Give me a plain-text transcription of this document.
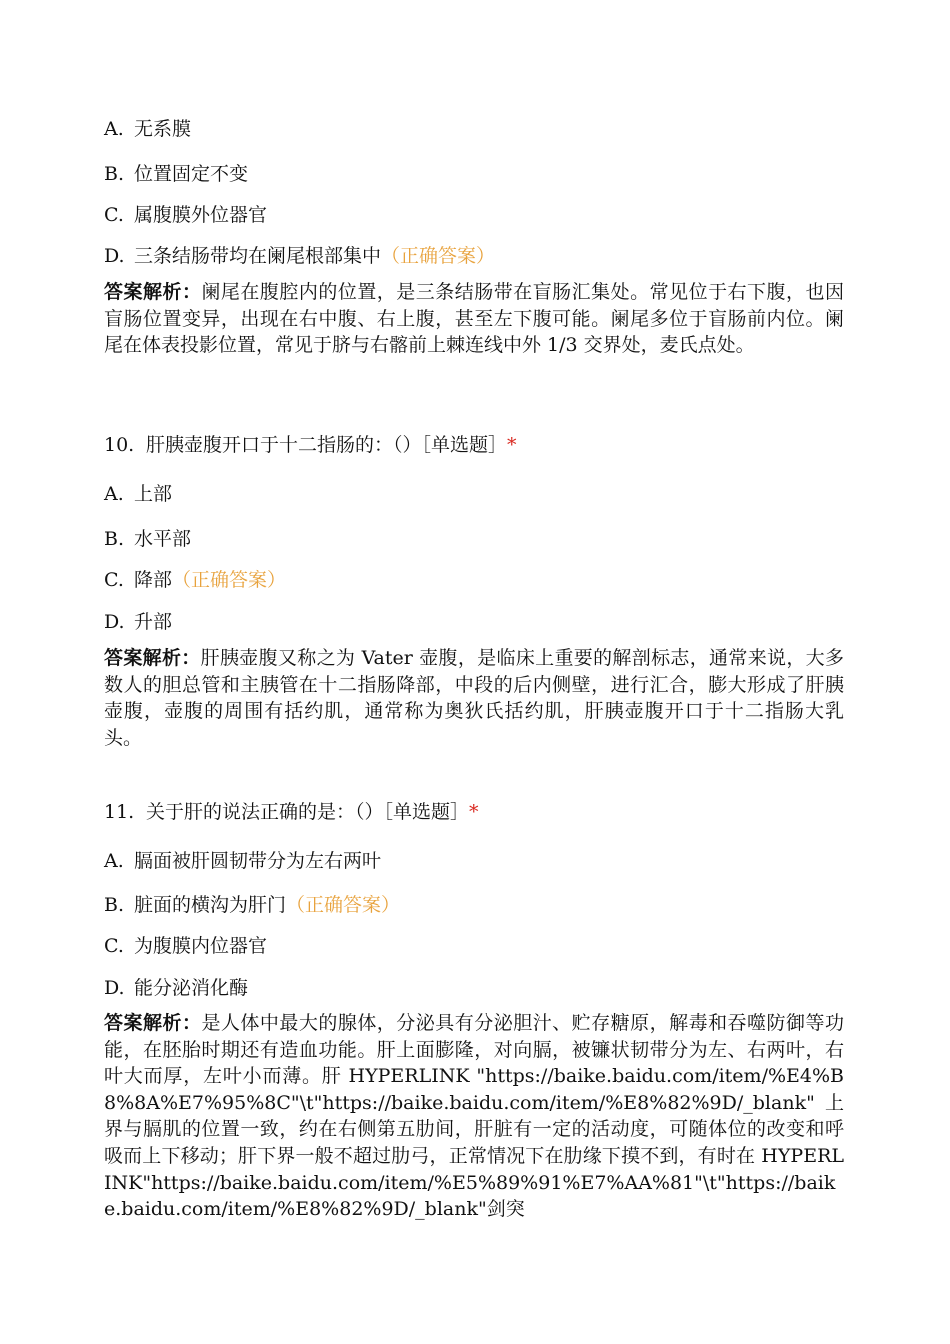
A. 无系膜
B. 位置固定不变
C. 属腹膜外位器官
D. 三条结肠带均在阑尾根部集中（正确答案）
答案解析：阑尾在腹腔内的位置，是三条结肠带在盲肠汇集处。常见位于右下腹，也因盲肠位置变异，出现在右中腹、右上腹，甚至左下腹可能。阑尾多位于盲肠前内位。阑尾在体表投影位置，常见于脐与右髂前上棘连线中外 1/3 交界处，麦氏点处。
10. 肝胰壶腹开口于十二指肠的：（）［单选题］*
A. 上部
B. 水平部
C. 降部（正确答案）
D. 升部
答案解析：肝胰壶腹又称之为 Vater 壶腹，是临床上重要的解剖标志，通常来说，大多数人的胆总管和主胰管在十二指肠降部，中段的后内侧壁，进行汇合，膨大形成了肝胰壶腹，壶腹的周围有括约肌，通常称为奥狄氏括约肌，肝胰壶腹开口于十二指肠大乳头。
11. 关于肝的说法正确的是：（）［单选题］*
A. 膈面被肝圆韧带分为左右两叶
B. 脏面的横沟为肝门（正确答案）
C. 为腹膜内位器官
D. 能分泌消化酶
答案解析：是人体中最大的腺体，分泌具有分泌胆汁、贮存糖原，解毒和吞噬防御等功能，在胚胎时期还有造血功能。肝上面膨隆，对向膈，被镰状韧带分为左、右两叶，右叶大而厚，左叶小而薄。肝 HYPERLINK "https://baike.baidu.com/item/%E4%B8%8A%E7%95%8C"\t"https://baike.baidu.com/item/%E8%82%9D/_blank"上界与膈肌的位置一致，约在右侧第五肋间，肝脏有一定的活动度，可随体位的改变和呼吸而上下移动；肝下界一般不超过肋弓，正常情况下在肋缘下摸不到，有时在 HYPERLINK"https://baike.baidu.com/item/%E5%89%91%E7%AA%81"\t"https://baike.baidu.com/item/%E8%82%9D/_blank"剑突
